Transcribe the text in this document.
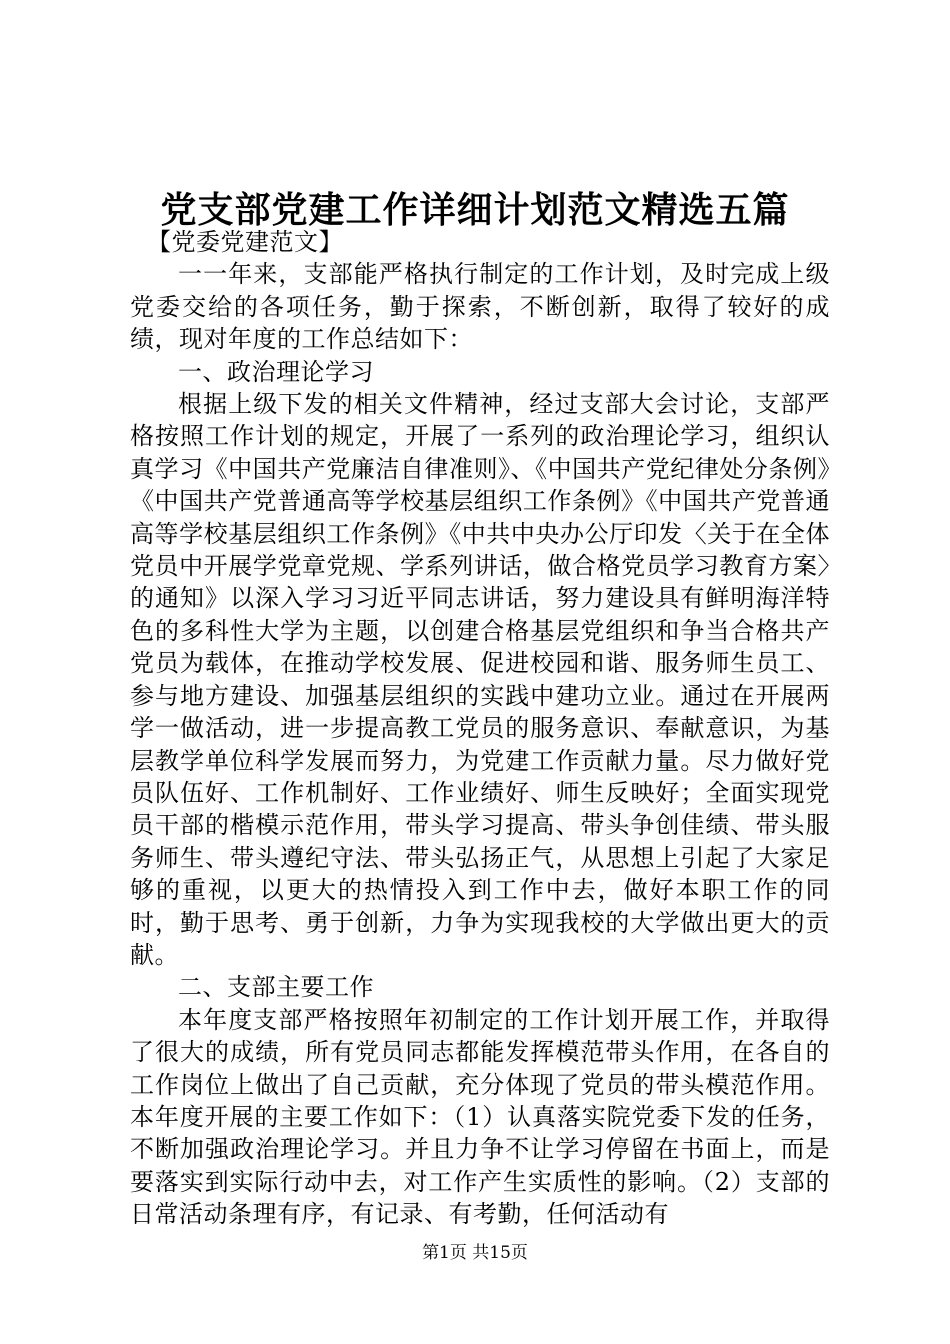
党支部党建工作详细计划范文精选五篇

【党委党建范文】

一一年来，支部能严格执行制定的工作计划，及时完成上级党委交给的各项任务，勤于探索，不断创新，取得了较好的成绩，现对年度的工作总结如下：

一、政治理论学习

根据上级下发的相关文件精神，经过支部大会讨论，支部严格按照工作计划的规定，开展了一系列的政治理论学习，组织认真学习《中国共产党廉洁自律准则》、《中国共产党纪律处分条例》《中国共产党普通高等学校基层组织工作条例》《中国共产党普通高等学校基层组织工作条例》《中共中央办公厅印发〈关于在全体党员中开展学党章党规、学系列讲话，做合格党员学习教育方案〉的通知》以深入学习习近平同志讲话，努力建设具有鲜明海洋特色的多科性大学为主题，以创建合格基层党组织和争当合格共产党员为载体，在推动学校发展、促进校园和谐、服务师生员工、参与地方建设、加强基层组织的实践中建功立业。通过在开展两学一做活动，进一步提高教工党员的服务意识、奉献意识，为基层教学单位科学发展而努力，为党建工作贡献力量。尽力做好党员队伍好、工作机制好、工作业绩好、师生反映好；全面实现党员干部的楷模示范作用，带头学习提高、带头争创佳绩、带头服务师生、带头遵纪守法、带头弘扬正气，从思想上引起了大家足够的重视，以更大的热情投入到工作中去，做好本职工作的同时，勤于思考、勇于创新，力争为实现我校的大学做出更大的贡献。

二、支部主要工作

本年度支部严格按照年初制定的工作计划开展工作，并取得了很大的成绩，所有党员同志都能发挥模范带头作用，在各自的工作岗位上做出了自己贡献，充分体现了党员的带头模范作用。本年度开展的主要工作如下：（1）认真落实院党委下发的任务，不断加强政治理论学习。并且力争不让学习停留在书面上，而是要落实到实际行动中去，对工作产生实质性的影响。（2）支部的日常活动条理有序，有记录、有考勤，任何活动有

第1页 共15页
